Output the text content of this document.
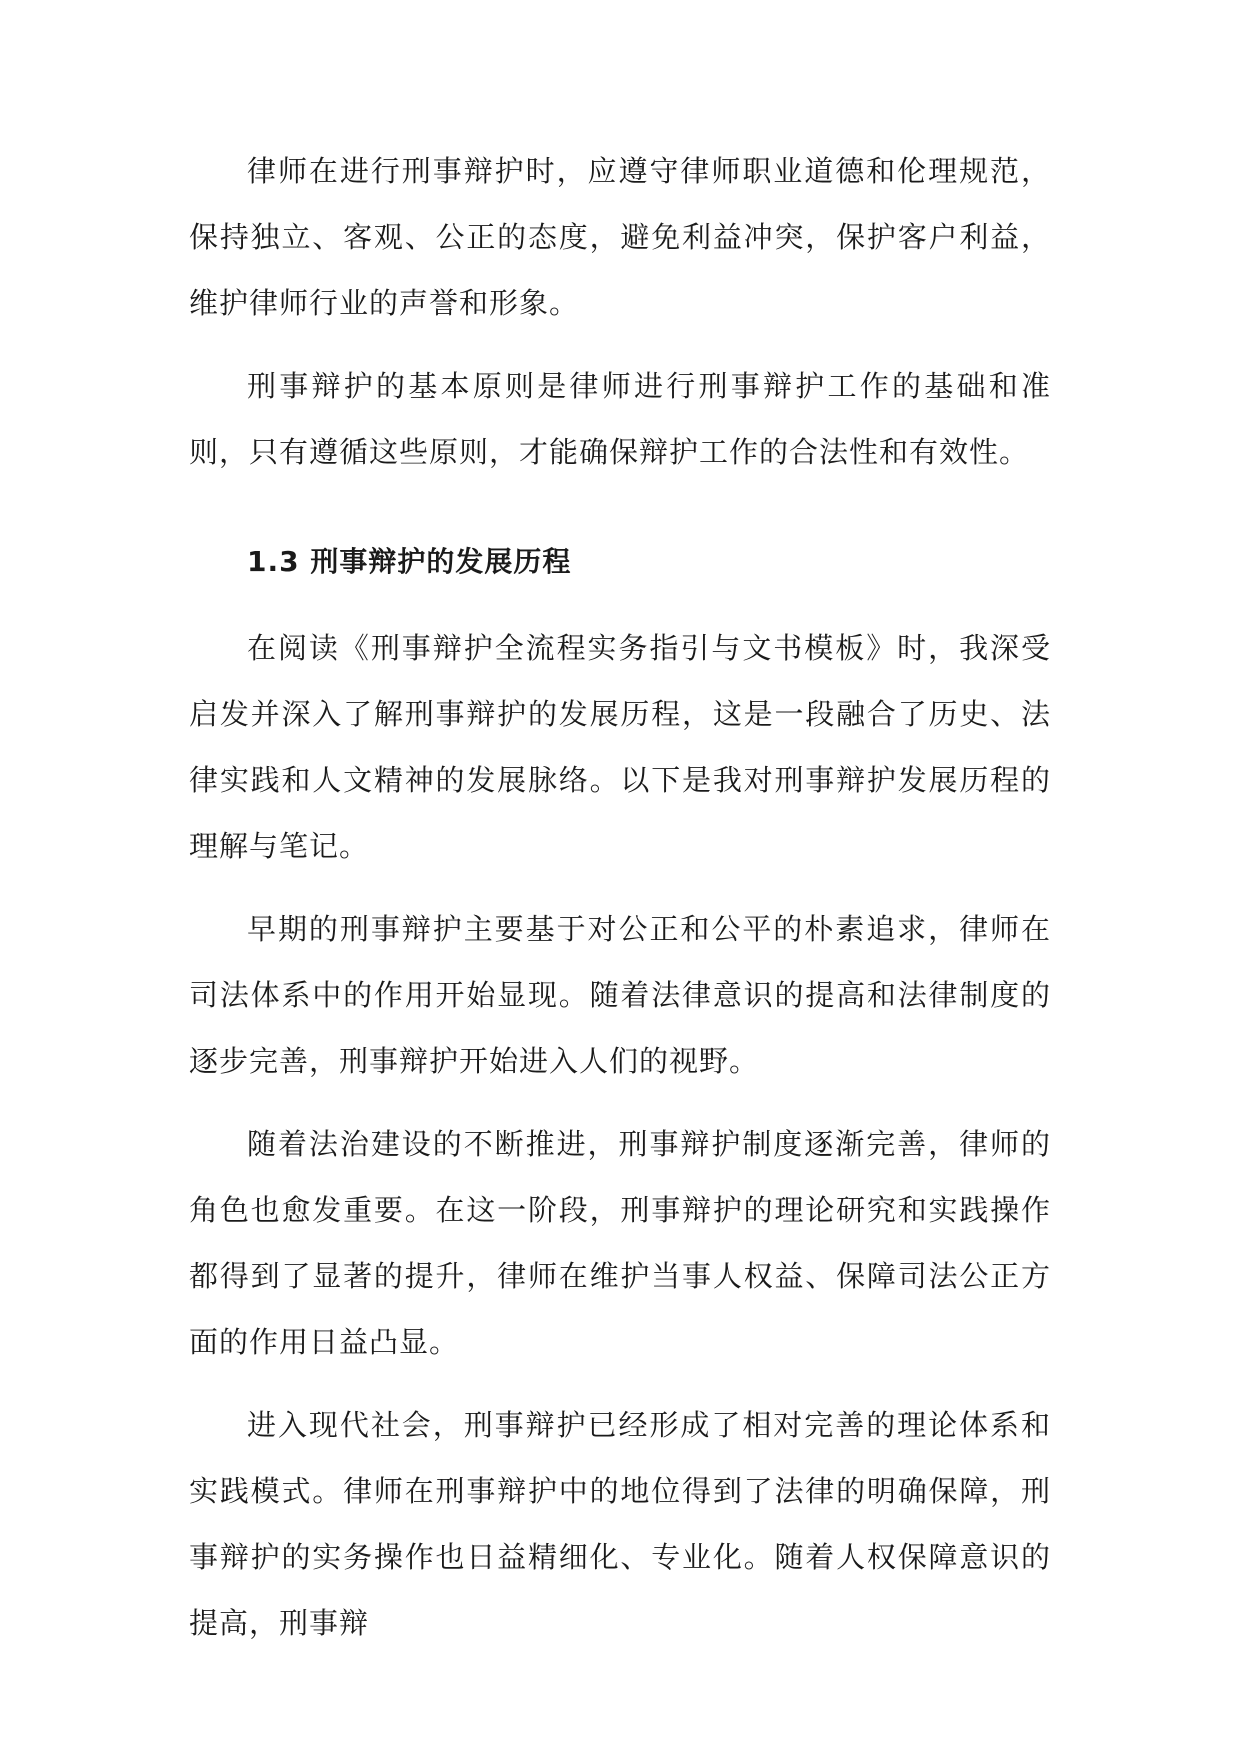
律师在进行刑事辩护时，应遵守律师职业道德和伦理规范，保持独立、客观、公正的态度，避免利益冲突，保护客户利益，维护律师行业的声誉和形象。

刑事辩护的基本原则是律师进行刑事辩护工作的基础和准则，只有遵循这些原则，才能确保辩护工作的合法性和有效性。

1.3 刑事辩护的发展历程

在阅读《刑事辩护全流程实务指引与文书模板》时，我深受启发并深入了解刑事辩护的发展历程，这是一段融合了历史、法律实践和人文精神的发展脉络。以下是我对刑事辩护发展历程的理解与笔记。

早期的刑事辩护主要基于对公正和公平的朴素追求，律师在司法体系中的作用开始显现。随着法律意识的提高和法律制度的逐步完善，刑事辩护开始进入人们的视野。

随着法治建设的不断推进，刑事辩护制度逐渐完善，律师的角色也愈发重要。在这一阶段，刑事辩护的理论研究和实践操作都得到了显著的提升，律师在维护当事人权益、保障司法公正方面的作用日益凸显。

进入现代社会，刑事辩护已经形成了相对完善的理论体系和实践模式。律师在刑事辩护中的地位得到了法律的明确保障，刑事辩护的实务操作也日益精细化、专业化。随着人权保障意识的提高，刑事辩
